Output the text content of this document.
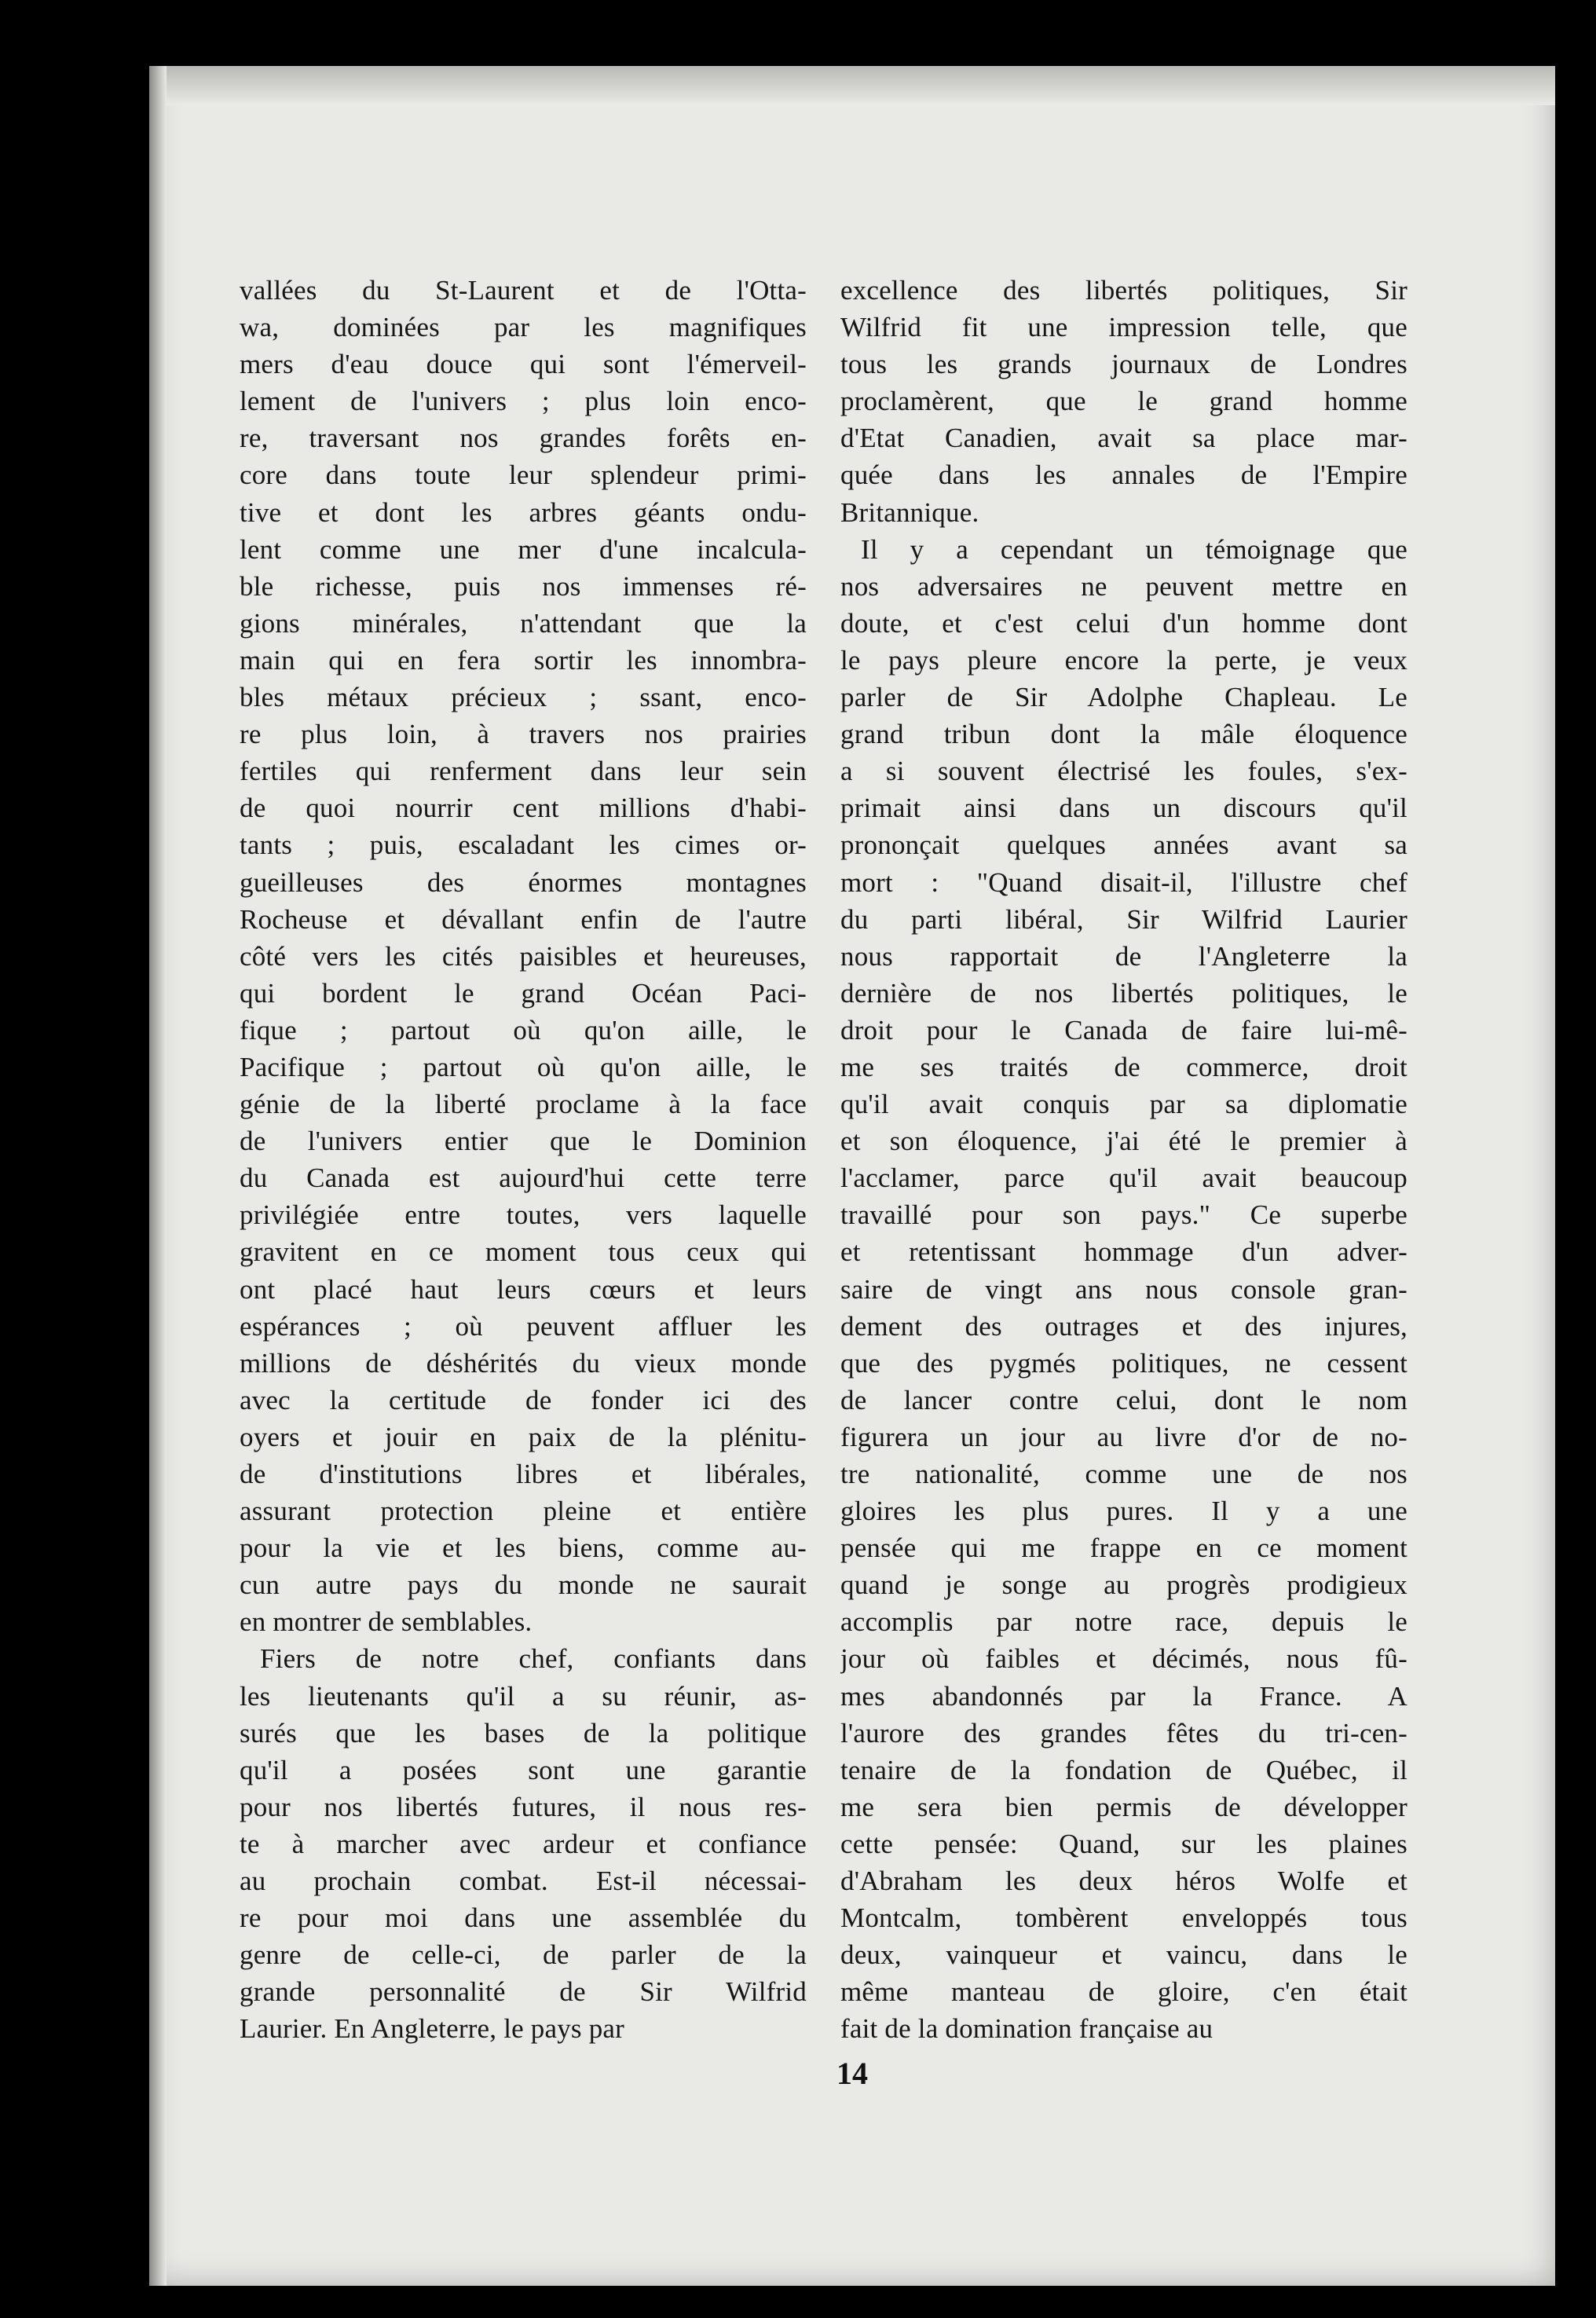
vallées du St-Laurent et de l'Otta-
wa, dominées par les magnifiques
mers d'eau douce qui sont l'émerveil-
lement de l'univers ; plus loin enco-
re, traversant nos grandes forêts en-
core dans toute leur splendeur primi-
tive et dont les arbres géants ondu-
lent comme une mer d'une incalcula-
ble richesse, puis nos immenses ré-
gions minérales, n'attendant que la
main qui en fera sortir les innombra-
bles métaux précieux ; ssant, enco-
re plus loin, à travers nos prairies
fertiles qui renferment dans leur sein
de quoi nourrir cent millions d'habi-
tants ; puis, escaladant les cimes or-
gueilleuses des énormes montagnes
Rocheuse et dévallant enfin de l'autre
côté vers les cités paisibles et heureuses,
qui bordent le grand Océan Paci-
fique ; partout où qu'on aille, le
Pacifique ; partout où qu'on aille, le
génie de la liberté proclame à la face
de l'univers entier que le Dominion
du Canada est aujourd'hui cette terre
privilégiée entre toutes, vers laquelle
gravitent en ce moment tous ceux qui
ont placé haut leurs cœurs et leurs
espérances ; où peuvent affluer les
millions de déshérités du vieux monde
avec la certitude de fonder ici des
oyers et jouir en paix de la plénitu-
de d'institutions libres et libérales,
assurant protection pleine et entière
pour la vie et les biens, comme au-
cun autre pays du monde ne saurait
en montrer de semblables.
Fiers de notre chef, confiants dans
les lieutenants qu'il a su réunir, as-
surés que les bases de la politique
qu'il a posées sont une garantie
pour nos libertés futures, il nous res-
te à marcher avec ardeur et confiance
au prochain combat. Est-il nécessai-
re pour moi dans une assemblée du
genre de celle-ci, de parler de la
grande personnalité de Sir Wilfrid
Laurier. En Angleterre, le pays par
excellence des libertés politiques, Sir
Wilfrid fit une impression telle, que
tous les grands journaux de Londres
proclamèrent, que le grand homme
d'Etat Canadien, avait sa place mar-
quée dans les annales de l'Empire
Britannique.
Il y a cependant un témoignage que
nos adversaires ne peuvent mettre en
doute, et c'est celui d'un homme dont
le pays pleure encore la perte, je veux
parler de Sir Adolphe Chapleau. Le
grand tribun dont la mâle éloquence
a si souvent électrisé les foules, s'ex-
primait ainsi dans un discours qu'il
prononçait quelques années avant sa
mort : "Quand disait-il, l'illustre chef
du parti libéral, Sir Wilfrid Laurier
nous rapportait de l'Angleterre la
dernière de nos libertés politiques, le
droit pour le Canada de faire lui-mê-
me ses traités de commerce, droit
qu'il avait conquis par sa diplomatie
et son éloquence, j'ai été le premier à
l'acclamer, parce qu'il avait beaucoup
travaillé pour son pays." Ce superbe
et retentissant hommage d'un adver-
saire de vingt ans nous console gran-
dement des outrages et des injures,
que des pygmés politiques, ne cessent
de lancer contre celui, dont le nom
figurera un jour au livre d'or de no-
tre nationalité, comme une de nos
gloires les plus pures. Il y a une
pensée qui me frappe en ce moment
quand je songe au progrès prodigieux
accomplis par notre race, depuis le
jour où faibles et décimés, nous fû-
mes abandonnés par la France. A
l'aurore des grandes fêtes du tri-cen-
tenaire de la fondation de Québec, il
me sera bien permis de développer
cette pensée: Quand, sur les plaines
d'Abraham les deux héros Wolfe et
Montcalm, tombèrent enveloppés tous
deux, vainqueur et vaincu, dans le
même manteau de gloire, c'en était
fait de la domination française au
14
